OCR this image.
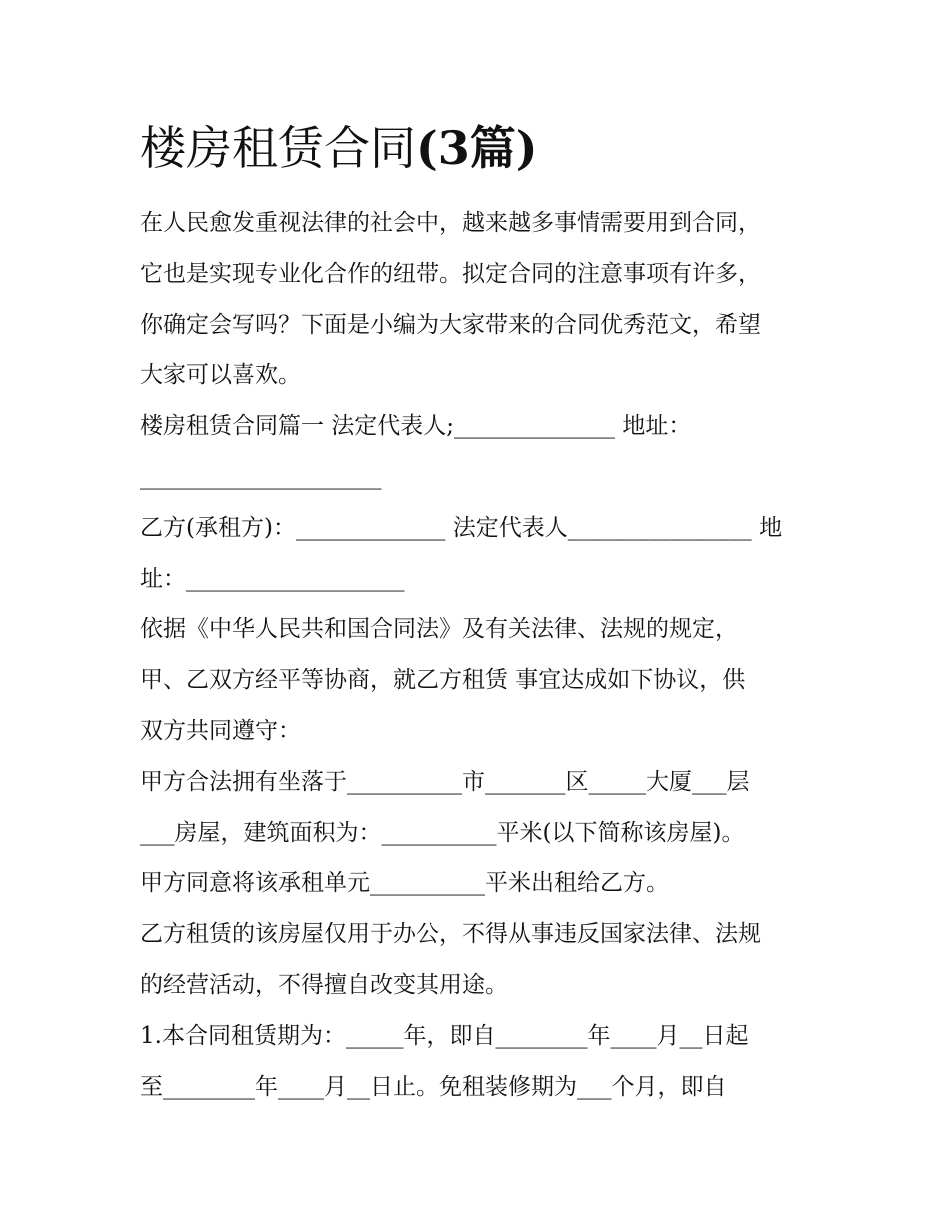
楼房租赁合同(3篇)
在人民愈发重视法律的社会中，越来越多事情需要用到合同，
它也是实现专业化合作的纽带。拟定合同的注意事项有许多，
你确定会写吗？下面是小编为大家带来的合同优秀范文，希望
大家可以喜欢。
楼房租赁合同篇一 法定代表人;______________ 地址：
_____________________
乙方(承租方)：_____________ 法定代表人________________ 地
址：___________________
依据《中华人民共和国合同法》及有关法律、法规的规定，
甲、乙双方经平等协商，就乙方租赁 事宜达成如下协议，供
双方共同遵守：
甲方合法拥有坐落于__________市_______区_____大厦___层
___房屋，建筑面积为：__________平米(以下简称该房屋)。
甲方同意将该承租单元__________平米出租给乙方。
乙方租赁的该房屋仅用于办公，不得从事违反国家法律、法规
的经营活动，不得擅自改变其用途。
1.本合同租赁期为：_____年，即自________年____月__日起
至________年____月__日止。免租装修期为___个月，即自
